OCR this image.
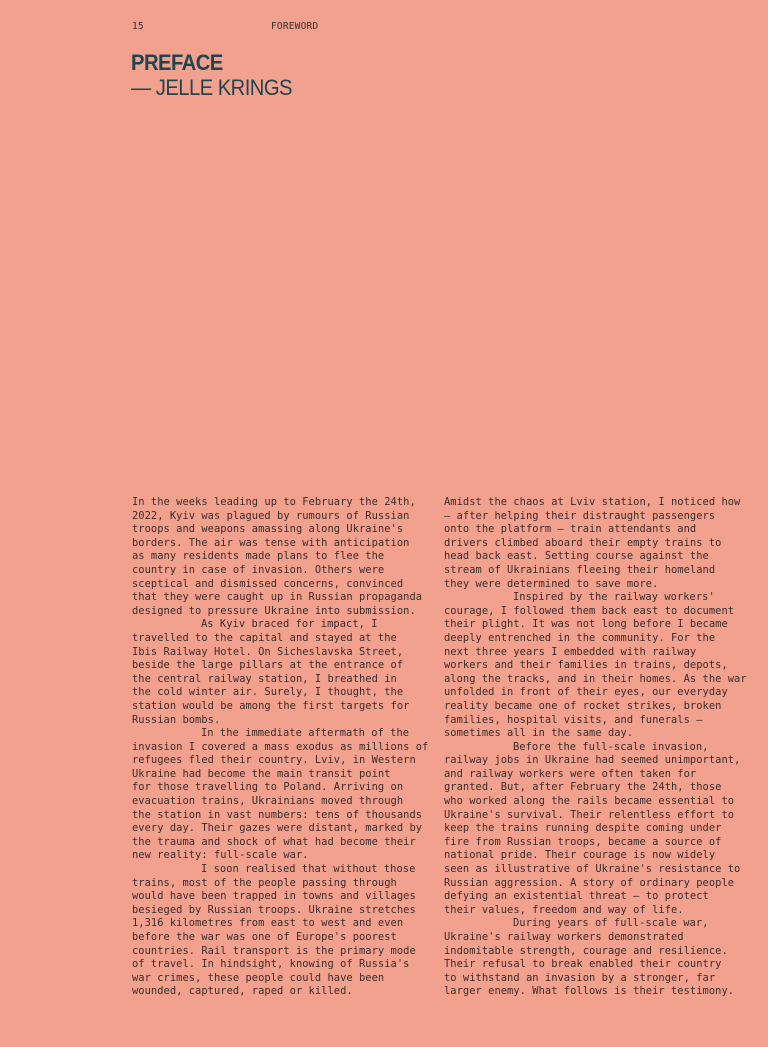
15	FOREWORD
PREFACE
— JELLE KRINGS
In the weeks leading up to February the 24th,
2022, Kyiv was plagued by rumours of Russian
troops and weapons amassing along Ukraine's
borders. The air was tense with anticipation
as many residents made plans to flee the
country in case of invasion. Others were
sceptical and dismissed concerns, convinced
that they were caught up in Russian propaganda
designed to pressure Ukraine into submission.
As Kyiv braced for impact, I
travelled to the capital and stayed at the
Ibis Railway Hotel. On Sicheslavska Street,
beside the large pillars at the entrance of
the central railway station, I breathed in
the cold winter air. Surely, I thought, the
station would be among the first targets for
Russian bombs.
In the immediate aftermath of the
invasion I covered a mass exodus as millions of
refugees fled their country. Lviv, in Western
Ukraine had become the main transit point
for those travelling to Poland. Arriving on
evacuation trains, Ukrainians moved through
the station in vast numbers: tens of thousands
every day. Their gazes were distant, marked by
the trauma and shock of what had become their
new reality: full-scale war.
I soon realised that without those
trains, most of the people passing through
would have been trapped in towns and villages
besieged by Russian troops. Ukraine stretches
1,316 kilometres from east to west and even
before the war was one of Europe's poorest
countries. Rail transport is the primary mode
of travel. In hindsight, knowing of Russia's
war crimes, these people could have been
wounded, captured, raped or killed.
Amidst the chaos at Lviv station, I noticed how
– after helping their distraught passengers
onto the platform – train attendants and
drivers climbed aboard their empty trains to
head back east. Setting course against the
stream of Ukrainians fleeing their homeland
they were determined to save more.
Inspired by the railway workers'
courage, I followed them back east to document
their plight. It was not long before I became
deeply entrenched in the community. For the
next three years I embedded with railway
workers and their families in trains, depots,
along the tracks, and in their homes. As the war
unfolded in front of their eyes, our everyday
reality became one of rocket strikes, broken
families, hospital visits, and funerals –
sometimes all in the same day.
Before the full-scale invasion,
railway jobs in Ukraine had seemed unimportant,
and railway workers were often taken for
granted. But, after February the 24th, those
who worked along the rails became essential to
Ukraine's survival. Their relentless effort to
keep the trains running despite coming under
fire from Russian troops, became a source of
national pride. Their courage is now widely
seen as illustrative of Ukraine's resistance to
Russian aggression. A story of ordinary people
defying an existential threat – to protect
their values, freedom and way of life.
During years of full-scale war,
Ukraine's railway workers demonstrated
indomitable strength, courage and resilience.
Their refusal to break enabled their country
to withstand an invasion by a stronger, far
larger enemy. What follows is their testimony.
